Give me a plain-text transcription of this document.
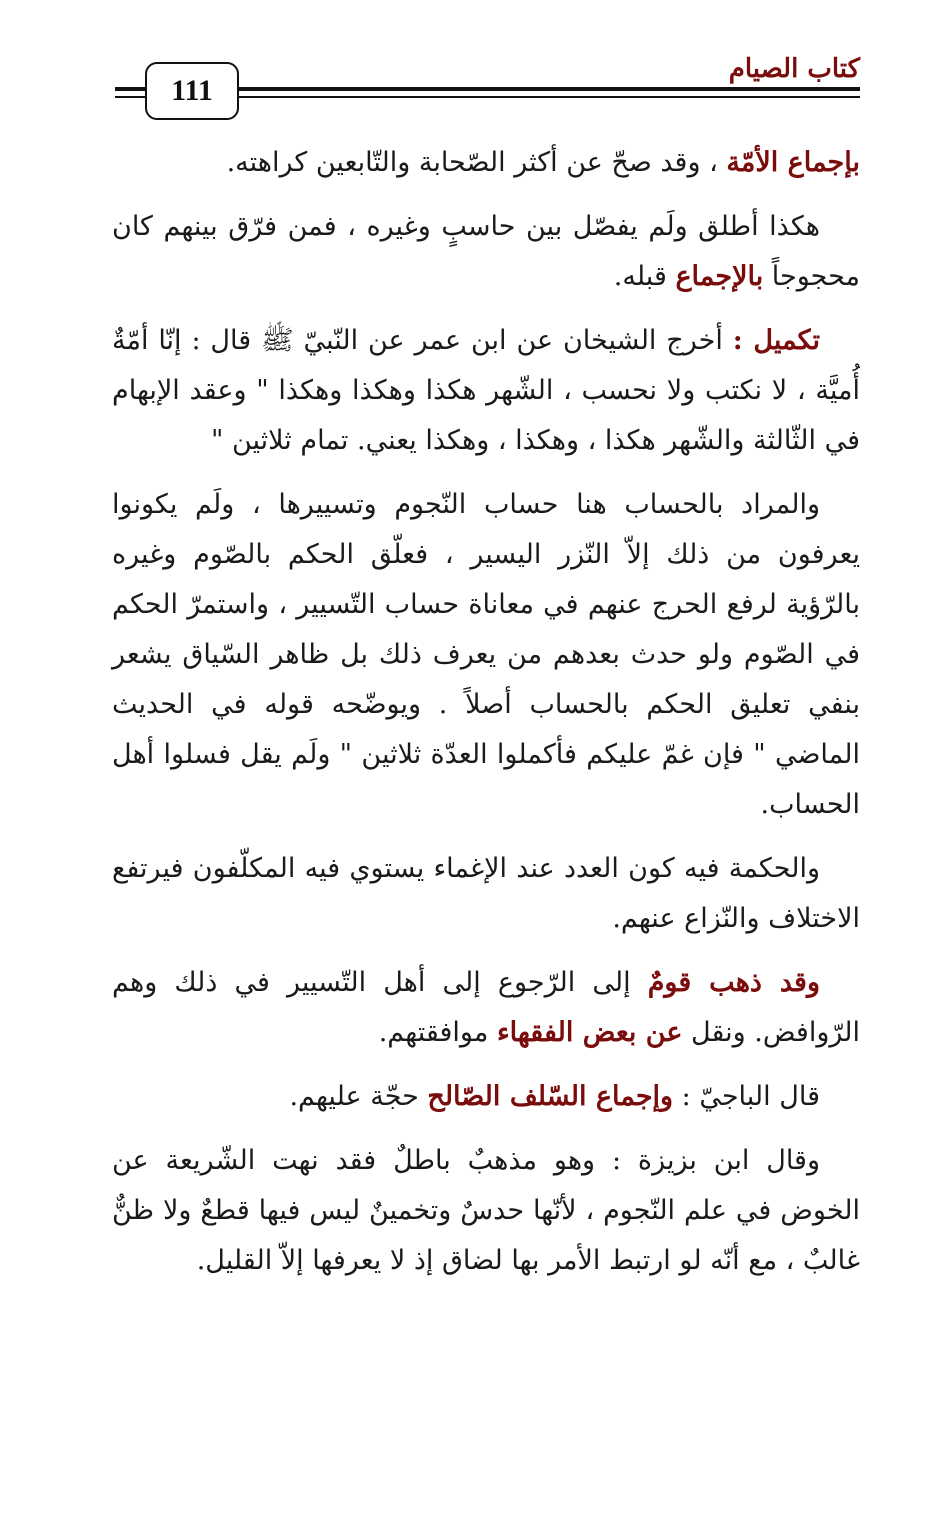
كتاب الصيام
111

بإجماع الأمّة ، وقد صحّ عن أكثر الصّحابة والتّابعين كراهته.

هكذا أطلق ولَم يفصّل بين حاسبٍ وغيره ، فمن فرّق بينهم كان محجوجاً بالإجماع قبله.

تكميل : أخرج الشيخان عن ابن عمر عن النّبيّ ﷺ قال : إنّا أمّةٌ أُميَّة ، لا نكتب ولا نحسب ، الشّهر هكذا وهكذا وهكذا " وعقد الإبهام في الثّالثة والشّهر هكذا ، وهكذا ، وهكذا يعني. تمام ثلاثين "

والمراد بالحساب هنا حساب النّجوم وتسييرها ، ولَم يكونوا يعرفون من ذلك إلاّ النّزر اليسير ، فعلّق الحكم بالصّوم وغيره بالرّؤية لرفع الحرج عنهم في معاناة حساب التّسيير ، واستمرّ الحكم في الصّوم ولو حدث بعدهم من يعرف ذلك بل ظاهر السّياق يشعر بنفي تعليق الحكم بالحساب أصلاً . ويوضّحه قوله في الحديث الماضي " فإن غمّ عليكم فأكملوا العدّة ثلاثين " ولَم يقل فسلوا أهل الحساب.

والحكمة فيه كون العدد عند الإغماء يستوي فيه المكلّفون فيرتفع الاختلاف والنّزاع عنهم.

وقد ذهب قومٌ إلى الرّجوع إلى أهل التّسيير في ذلك وهم الرّوافض. ونقل عن بعض الفقهاء موافقتهم.

قال الباجيّ : وإجماع السّلف الصّالح حجّة عليهم.

وقال ابن بزيزة : وهو مذهبٌ باطلٌ فقد نهت الشّريعة عن الخوض في علم النّجوم ، لأنّها حدسٌ وتخمينٌ ليس فيها قطعٌ ولا ظنٌّ غالبٌ ، مع أنّه لو ارتبط الأمر بها لضاق إذ لا يعرفها إلاّ القليل.
